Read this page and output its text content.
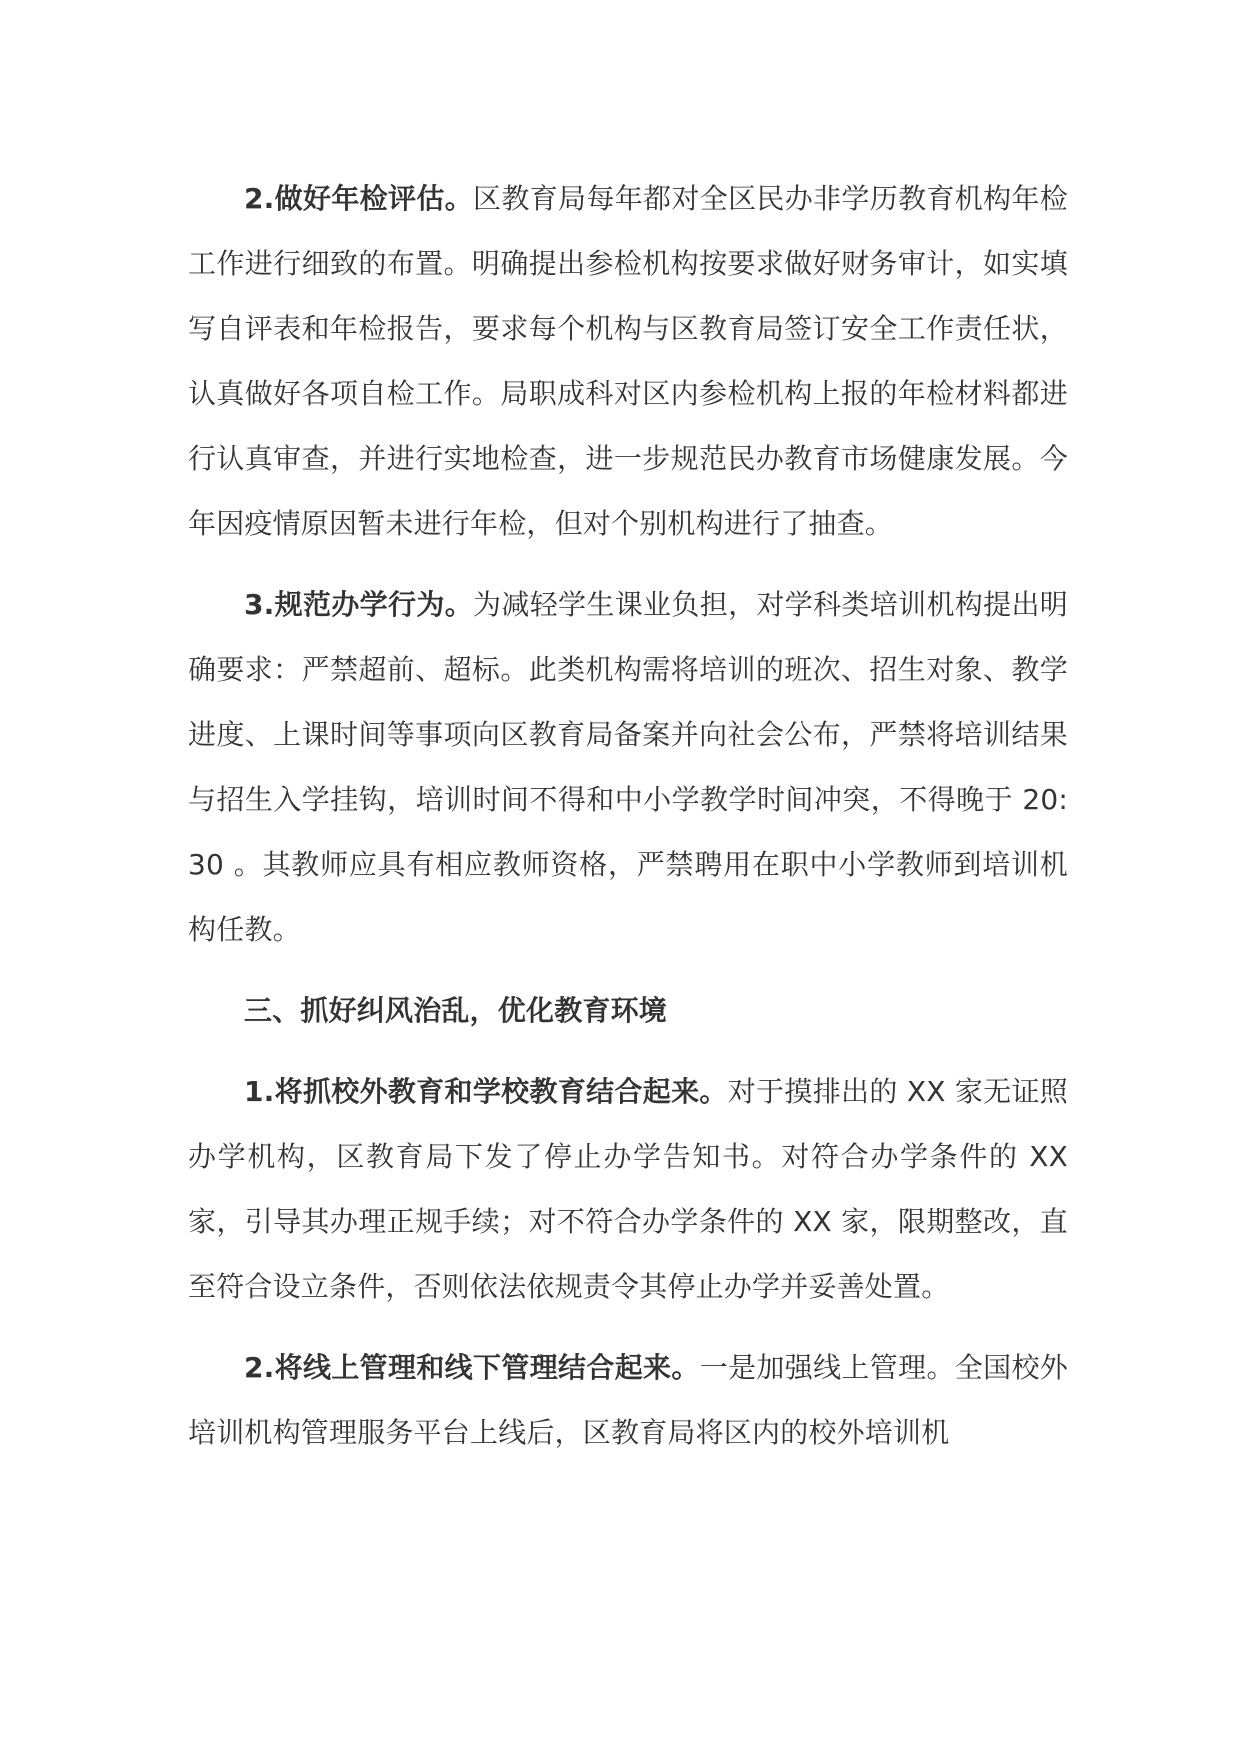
2.做好年检评估。区教育局每年都对全区民办非学历教育机构年检工作进行细致的布置。明确提出参检机构按要求做好财务审计，如实填写自评表和年检报告，要求每个机构与区教育局签订安全工作责任状，认真做好各项自检工作。局职成科对区内参检机构上报的年检材料都进行认真审查，并进行实地检查，进一步规范民办教育市场健康发展。今年因疫情原因暂未进行年检，但对个别机构进行了抽查。

3.规范办学行为。为减轻学生课业负担，对学科类培训机构提出明确要求：严禁超前、超标。此类机构需将培训的班次、招生对象、教学进度、上课时间等事项向区教育局备案并向社会公布，严禁将培训结果与招生入学挂钩，培训时间不得和中小学教学时间冲突，不得晚于 20:30 。其教师应具有相应教师资格，严禁聘用在职中小学教师到培训机构任教。

三、抓好纠风治乱，优化教育环境

1.将抓校外教育和学校教育结合起来。对于摸排出的 XX 家无证照办学机构，区教育局下发了停止办学告知书。对符合办学条件的 XX 家，引导其办理正规手续；对不符合办学条件的 XX 家，限期整改，直至符合设立条件，否则依法依规责令其停止办学并妥善处置。

2.将线上管理和线下管理结合起来。一是加强线上管理。全国校外培训机构管理服务平台上线后，区教育局将区内的校外培训机
